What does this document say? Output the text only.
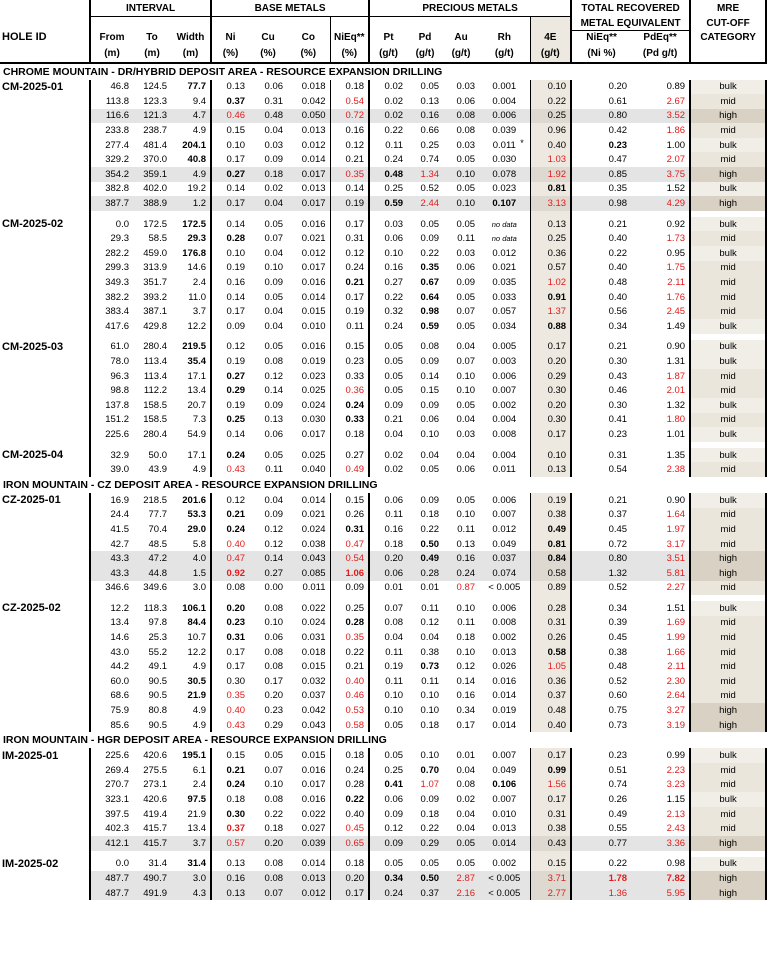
	INTERVAL			BASE METALS				PRECIOUS METALS					TOTAL RECOVERED		MRE
													METAL EQUIVALENT		CUT-OFF
HOLE ID	From	To	Width	Ni	Cu	Co	NiEq**	Pt	Pd	Au	Rh	4E	NiEq**	PdEq**	CATEGORY
	(m)	(m)	(m)	(%)	(%)	(%)	(%)	(g/t)	(g/t)	(g/t)	(g/t)	(g/t)	(Ni %)	(Pd g/t)	
CHROME MOUNTAIN - DR/HYBRID DEPOSIT AREA - RESOURCE EXPANSION DRILLING															
CM-2025-01	46.8	124.5	77.7	0.13	0.06	0.018	0.18	0.02	0.05	0.03	0.001	0.10	0.20	0.89	bulk
	113.8	123.3	9.4	0.37	0.31	0.042	0.54	0.02	0.13	0.06	0.004	0.22	0.61	2.67	mid
	116.6	121.3	4.7	0.46	0.48	0.050	0.72	0.02	0.16	0.08	0.006	0.25	0.80	3.52	high
	233.8	238.7	4.9	0.15	0.04	0.013	0.16	0.22	0.66	0.08	0.039	0.96	0.42	1.86	mid
	277.4	481.4	204.1	0.10	0.03	0.012	0.12	0.11	0.25	0.03	0.011 *	0.40	0.23	1.00	bulk
	329.2	370.0	40.8	0.17	0.09	0.014	0.21	0.24	0.74	0.05	0.030	1.03	0.47	2.07	mid
	354.2	359.1	4.9	0.27	0.18	0.017	0.35	0.48	1.34	0.10	0.078	1.92	0.85	3.75	high
	382.8	402.0	19.2	0.14	0.02	0.013	0.14	0.25	0.52	0.05	0.023	0.81	0.35	1.52	bulk
	387.7	388.9	1.2	0.17	0.04	0.017	0.19	0.59	2.44	0.10	0.107	3.13	0.98	4.29	high

CM-2025-02	0.0	172.5	172.5	0.14	0.05	0.016	0.17	0.03	0.05	0.05	no data	0.13	0.21	0.92	bulk
	29.3	58.5	29.3	0.28	0.07	0.021	0.31	0.06	0.09	0.11	no data	0.25	0.40	1.73	mid
	282.2	459.0	176.8	0.10	0.04	0.012	0.12	0.10	0.22	0.03	0.012	0.36	0.22	0.95	bulk
	299.3	313.9	14.6	0.19	0.10	0.017	0.24	0.16	0.35	0.06	0.021	0.57	0.40	1.75	mid
	349.3	351.7	2.4	0.16	0.09	0.016	0.21	0.27	0.67	0.09	0.035	1.02	0.48	2.11	mid
	382.2	393.2	11.0	0.14	0.05	0.014	0.17	0.22	0.64	0.05	0.033	0.91	0.40	1.76	mid
	383.4	387.1	3.7	0.17	0.04	0.015	0.19	0.32	0.98	0.07	0.057	1.37	0.56	2.45	mid
	417.6	429.8	12.2	0.09	0.04	0.010	0.11	0.24	0.59	0.05	0.034	0.88	0.34	1.49	bulk

CM-2025-03	61.0	280.4	219.5	0.12	0.05	0.016	0.15	0.05	0.08	0.04	0.005	0.17	0.21	0.90	bulk
	78.0	113.4	35.4	0.19	0.08	0.019	0.23	0.05	0.09	0.07	0.003	0.20	0.30	1.31	bulk
	96.3	113.4	17.1	0.27	0.12	0.023	0.33	0.05	0.14	0.10	0.006	0.29	0.43	1.87	mid
	98.8	112.2	13.4	0.29	0.14	0.025	0.36	0.05	0.15	0.10	0.007	0.30	0.46	2.01	mid
	137.8	158.5	20.7	0.19	0.09	0.024	0.24	0.09	0.09	0.05	0.002	0.20	0.30	1.32	bulk
	151.2	158.5	7.3	0.25	0.13	0.030	0.33	0.21	0.06	0.04	0.004	0.30	0.41	1.80	mid
	225.6	280.4	54.9	0.14	0.06	0.017	0.18	0.04	0.10	0.03	0.008	0.17	0.23	1.01	bulk

CM-2025-04	32.9	50.0	17.1	0.24	0.05	0.025	0.27	0.02	0.04	0.04	0.004	0.10	0.31	1.35	bulk
	39.0	43.9	4.9	0.43	0.11	0.040	0.49	0.02	0.05	0.06	0.011	0.13	0.54	2.38	mid
IRON MOUNTAIN - CZ DEPOSIT AREA - RESOURCE EXPANSION DRILLING															
CZ-2025-01	16.9	218.5	201.6	0.12	0.04	0.014	0.15	0.06	0.09	0.05	0.006	0.19	0.21	0.90	bulk
	24.4	77.7	53.3	0.21	0.09	0.021	0.26	0.11	0.18	0.10	0.007	0.38	0.37	1.64	mid
	41.5	70.4	29.0	0.24	0.12	0.024	0.31	0.16	0.22	0.11	0.012	0.49	0.45	1.97	mid
	42.7	48.5	5.8	0.40	0.12	0.038	0.47	0.18	0.50	0.13	0.049	0.81	0.72	3.17	mid
	43.3	47.2	4.0	0.47	0.14	0.043	0.54	0.20	0.49	0.16	0.037	0.84	0.80	3.51	high
	43.3	44.8	1.5	0.92	0.27	0.085	1.06	0.06	0.28	0.24	0.074	0.58	1.32	5.81	high
	346.6	349.6	3.0	0.08	0.00	0.011	0.09	0.01	0.01	0.87	< 0.005	0.89	0.52	2.27	mid

CZ-2025-02	12.2	118.3	106.1	0.20	0.08	0.022	0.25	0.07	0.11	0.10	0.006	0.28	0.34	1.51	bulk
	13.4	97.8	84.4	0.23	0.10	0.024	0.28	0.08	0.12	0.11	0.008	0.31	0.39	1.69	mid
	14.6	25.3	10.7	0.31	0.06	0.031	0.35	0.04	0.04	0.18	0.002	0.26	0.45	1.99	mid
	43.0	55.2	12.2	0.17	0.08	0.018	0.22	0.11	0.38	0.10	0.013	0.58	0.38	1.66	mid
	44.2	49.1	4.9	0.17	0.08	0.015	0.21	0.19	0.73	0.12	0.026	1.05	0.48	2.11	mid
	60.0	90.5	30.5	0.30	0.17	0.032	0.40	0.11	0.11	0.14	0.016	0.36	0.52	2.30	mid
	68.6	90.5	21.9	0.35	0.20	0.037	0.46	0.10	0.10	0.16	0.014	0.37	0.60	2.64	mid
	75.9	80.8	4.9	0.40	0.23	0.042	0.53	0.10	0.10	0.34	0.019	0.48	0.75	3.27	high
	85.6	90.5	4.9	0.43	0.29	0.043	0.58	0.05	0.18	0.17	0.014	0.40	0.73	3.19	high
IRON MOUNTAIN - HGR DEPOSIT AREA - RESOURCE EXPANSION DRILLING															
IM-2025-01	225.6	420.6	195.1	0.15	0.05	0.015	0.18	0.05	0.10	0.01	0.007	0.17	0.23	0.99	bulk
	269.4	275.5	6.1	0.21	0.07	0.016	0.24	0.25	0.70	0.04	0.049	0.99	0.51	2.23	mid
	270.7	273.1	2.4	0.24	0.10	0.017	0.28	0.41	1.07	0.08	0.106	1.56	0.74	3.23	mid
	323.1	420.6	97.5	0.18	0.08	0.016	0.22	0.06	0.09	0.02	0.007	0.17	0.26	1.15	bulk
	397.5	419.4	21.9	0.30	0.22	0.022	0.40	0.09	0.18	0.04	0.010	0.31	0.49	2.13	mid
	402.3	415.7	13.4	0.37	0.18	0.027	0.45	0.12	0.22	0.04	0.013	0.38	0.55	2.43	mid
	412.1	415.7	3.7	0.57	0.20	0.039	0.65	0.09	0.29	0.05	0.014	0.43	0.77	3.36	high

IM-2025-02	0.0	31.4	31.4	0.13	0.08	0.014	0.18	0.05	0.05	0.05	0.002	0.15	0.22	0.98	bulk
	487.7	490.7	3.0	0.16	0.08	0.013	0.20	0.34	0.50	2.87	< 0.005	3.71	1.78	7.82	high
	487.7	491.9	4.3	0.13	0.07	0.012	0.17	0.24	0.37	2.16	< 0.005	2.77	1.36	5.95	high
